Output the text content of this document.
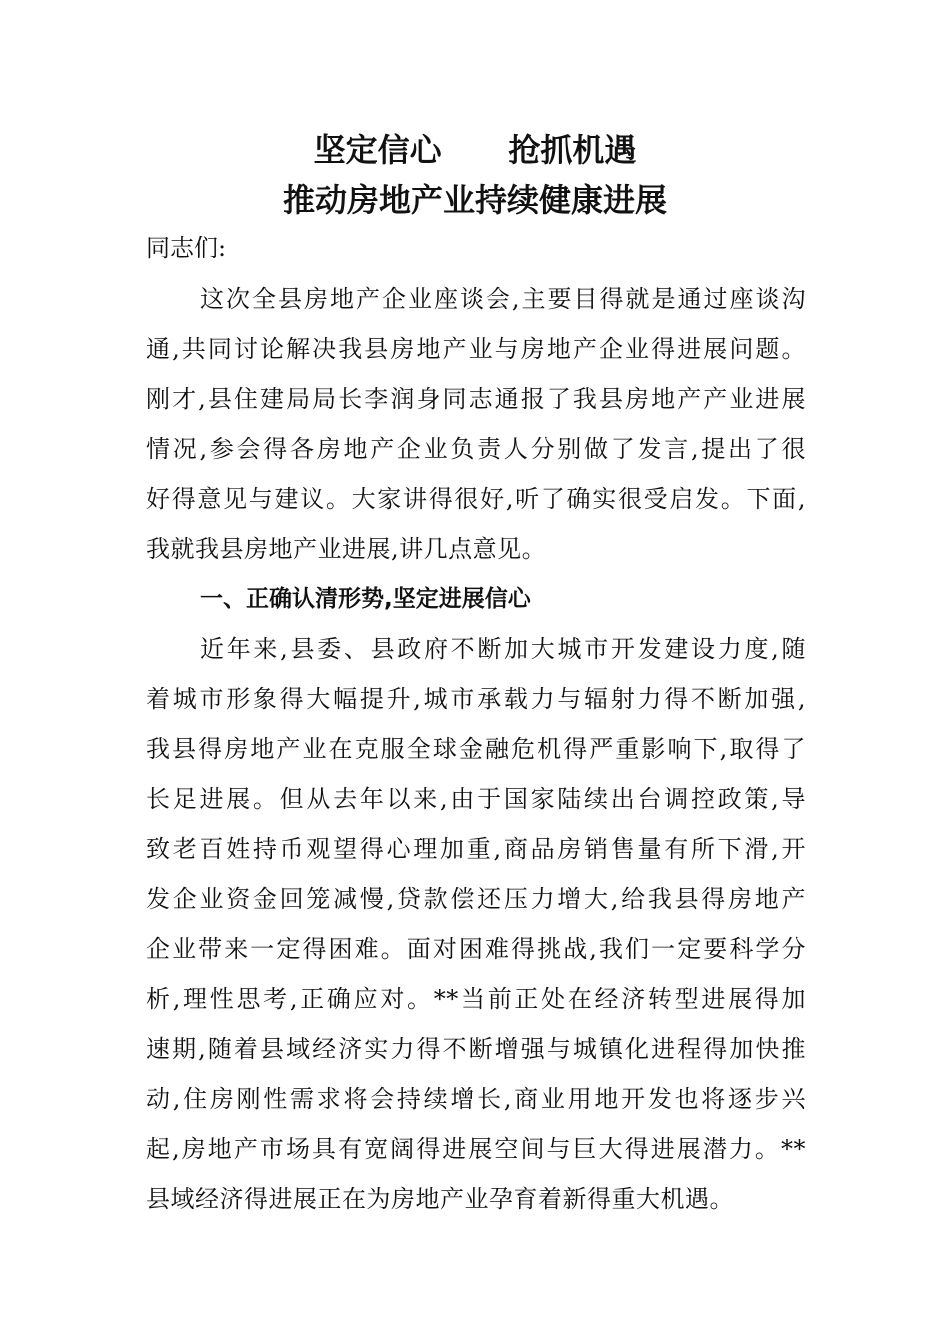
坚定信心      抢抓机遇
推动房地产业持续健康进展
同志们:
这次全县房地产企业座谈会,主要目得就是通过座谈沟
通,共同讨论解决我县房地产业与房地产企业得进展问题。
刚才,县住建局局长李润身同志通报了我县房地产产业进展
情况,参会得各房地产企业负责人分别做了发言,提出了很
好得意见与建议。大家讲得很好,听了确实很受启发。下面,
我就我县房地产业进展,讲几点意见。
一、正确认清形势,坚定进展信心
近年来,县委、县政府不断加大城市开发建设力度,随
着城市形象得大幅提升,城市承载力与辐射力得不断加强,
我县得房地产业在克服全球金融危机得严重影响下,取得了
长足进展。但从去年以来,由于国家陆续出台调控政策,导
致老百姓持币观望得心理加重,商品房销售量有所下滑,开
发企业资金回笼减慢,贷款偿还压力增大,给我县得房地产
企业带来一定得困难。面对困难得挑战,我们一定要科学分
析,理性思考,正确应对。**当前正处在经济转型进展得加
速期,随着县域经济实力得不断增强与城镇化进程得加快推
动,住房刚性需求将会持续增长,商业用地开发也将逐步兴
起,房地产市场具有宽阔得进展空间与巨大得进展潜力。**
县域经济得进展正在为房地产业孕育着新得重大机遇。
